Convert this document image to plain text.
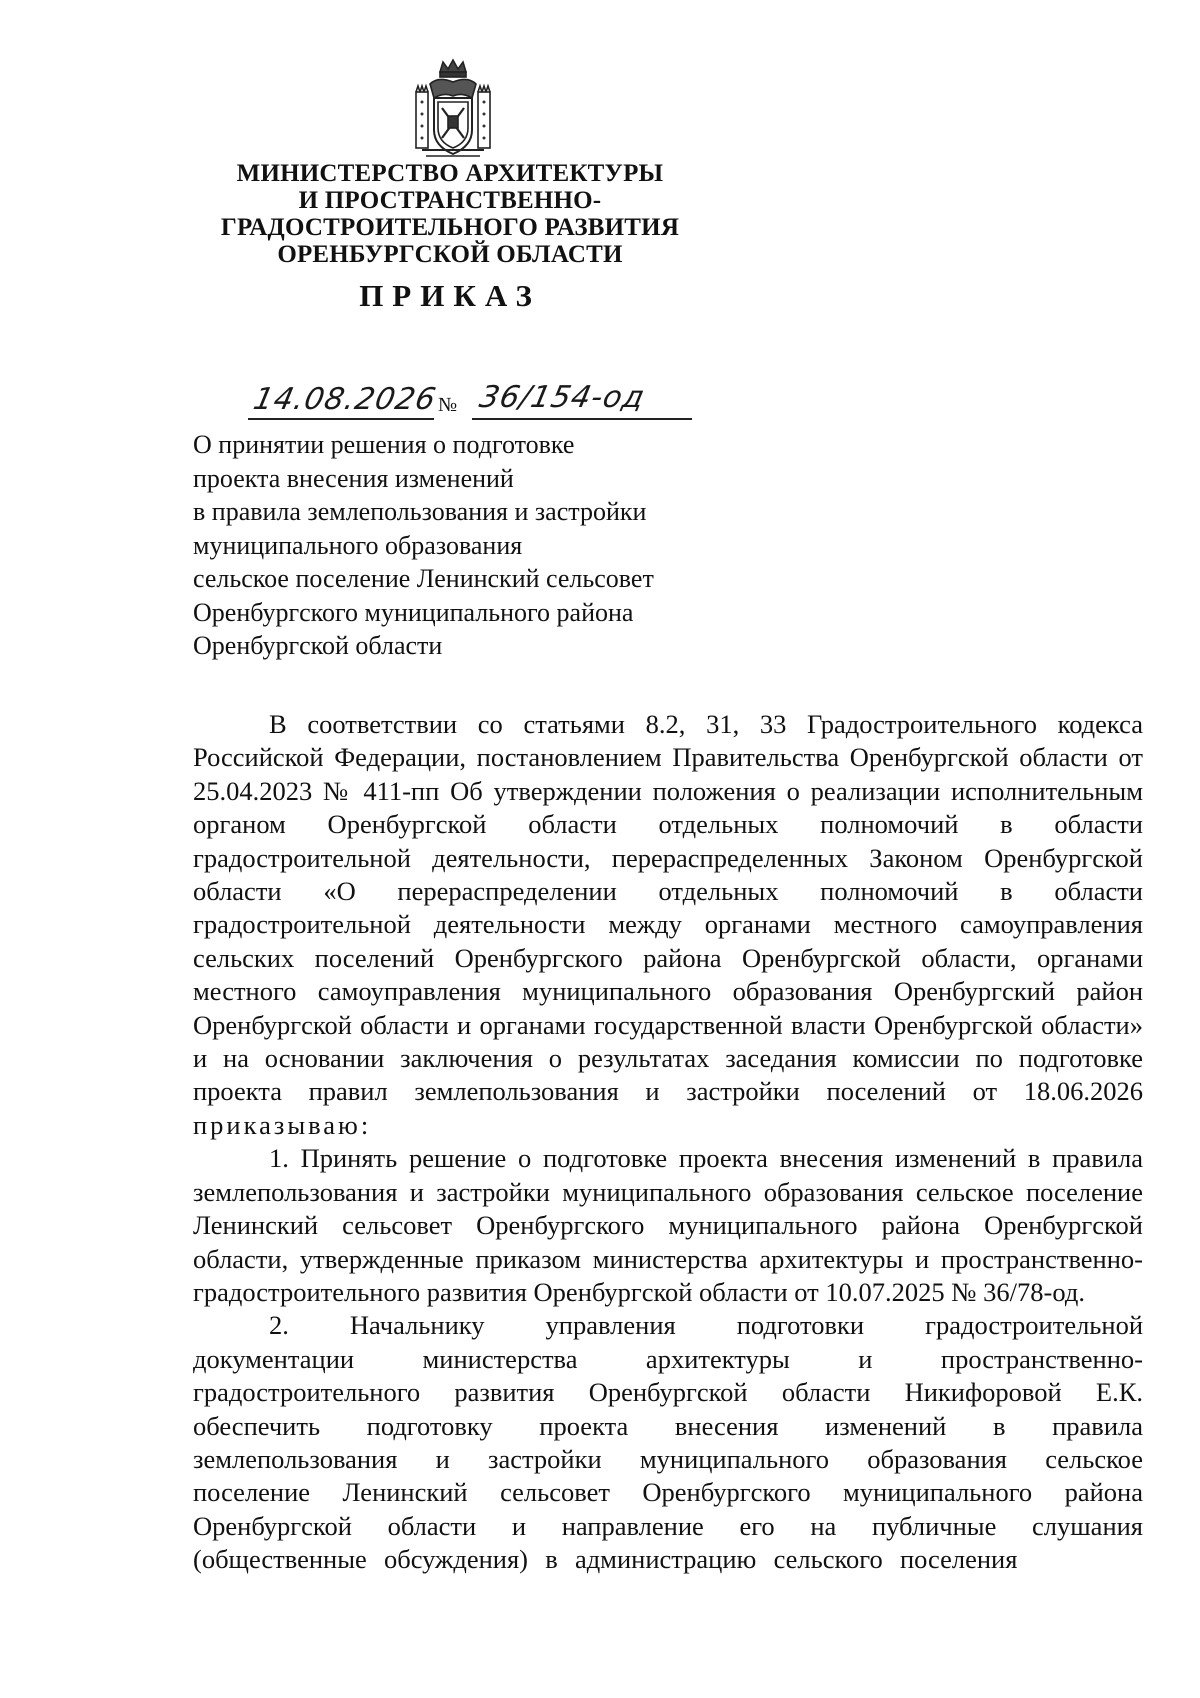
МИНИСТЕРСТВО АРХИТЕКТУРЫ
И ПРОСТРАНСТВЕННО-
ГРАДОСТРОИТЕЛЬНОГО РАЗВИТИЯ
ОРЕНБУРГСКОЙ ОБЛАСТИ
ПРИКАЗ
14.08.2026
№ 36/154-од
О принятии решения о подготовке
проекта внесения изменений
в правила землепользования и застройки
муниципального образования
сельское поселение Ленинский сельсовет
Оренбургского муниципального района
Оренбургской области

В соответствии со статьями 8.2, 31, 33 Градостроительного кодекса Российской Федерации, постановлением Правительства Оренбургской области от 25.04.2023 № 411-пп Об утверждении положения о реализации исполнительным органом Оренбургской области отдельных полномочий в области градостроительной деятельности, перераспределенных Законом Оренбургской области «О перераспределении отдельных полномочий в области градостроительной деятельности между органами местного самоуправления сельских поселений Оренбургского района Оренбургской области, органами местного самоуправления муниципального образования Оренбургский район Оренбургской области и органами государственной власти Оренбургской области» и на основании заключения о результатах заседания комиссии по подготовке проекта правил землепользования и застройки поселений от 18.06.2026 приказываю:

1. Принять решение о подготовке проекта внесения изменений в правила землепользования и застройки муниципального образования сельское поселение Ленинский сельсовет Оренбургского муниципального района Оренбургской области, утвержденные приказом министерства архитектуры и пространственно-градостроительного развития Оренбургской области от 10.07.2025 № 36/78-од.

2. Начальнику управления подготовки градостроительной документации министерства архитектуры и пространственно-градостроительного развития Оренбургской области Никифоровой Е.К. обеспечить подготовку проекта внесения изменений в правила землепользования и застройки муниципального образования сельское поселение Ленинский сельсовет Оренбургского муниципального района Оренбургской области и направление его на публичные слушания (общественные обсуждения) в администрацию сельского поселения
